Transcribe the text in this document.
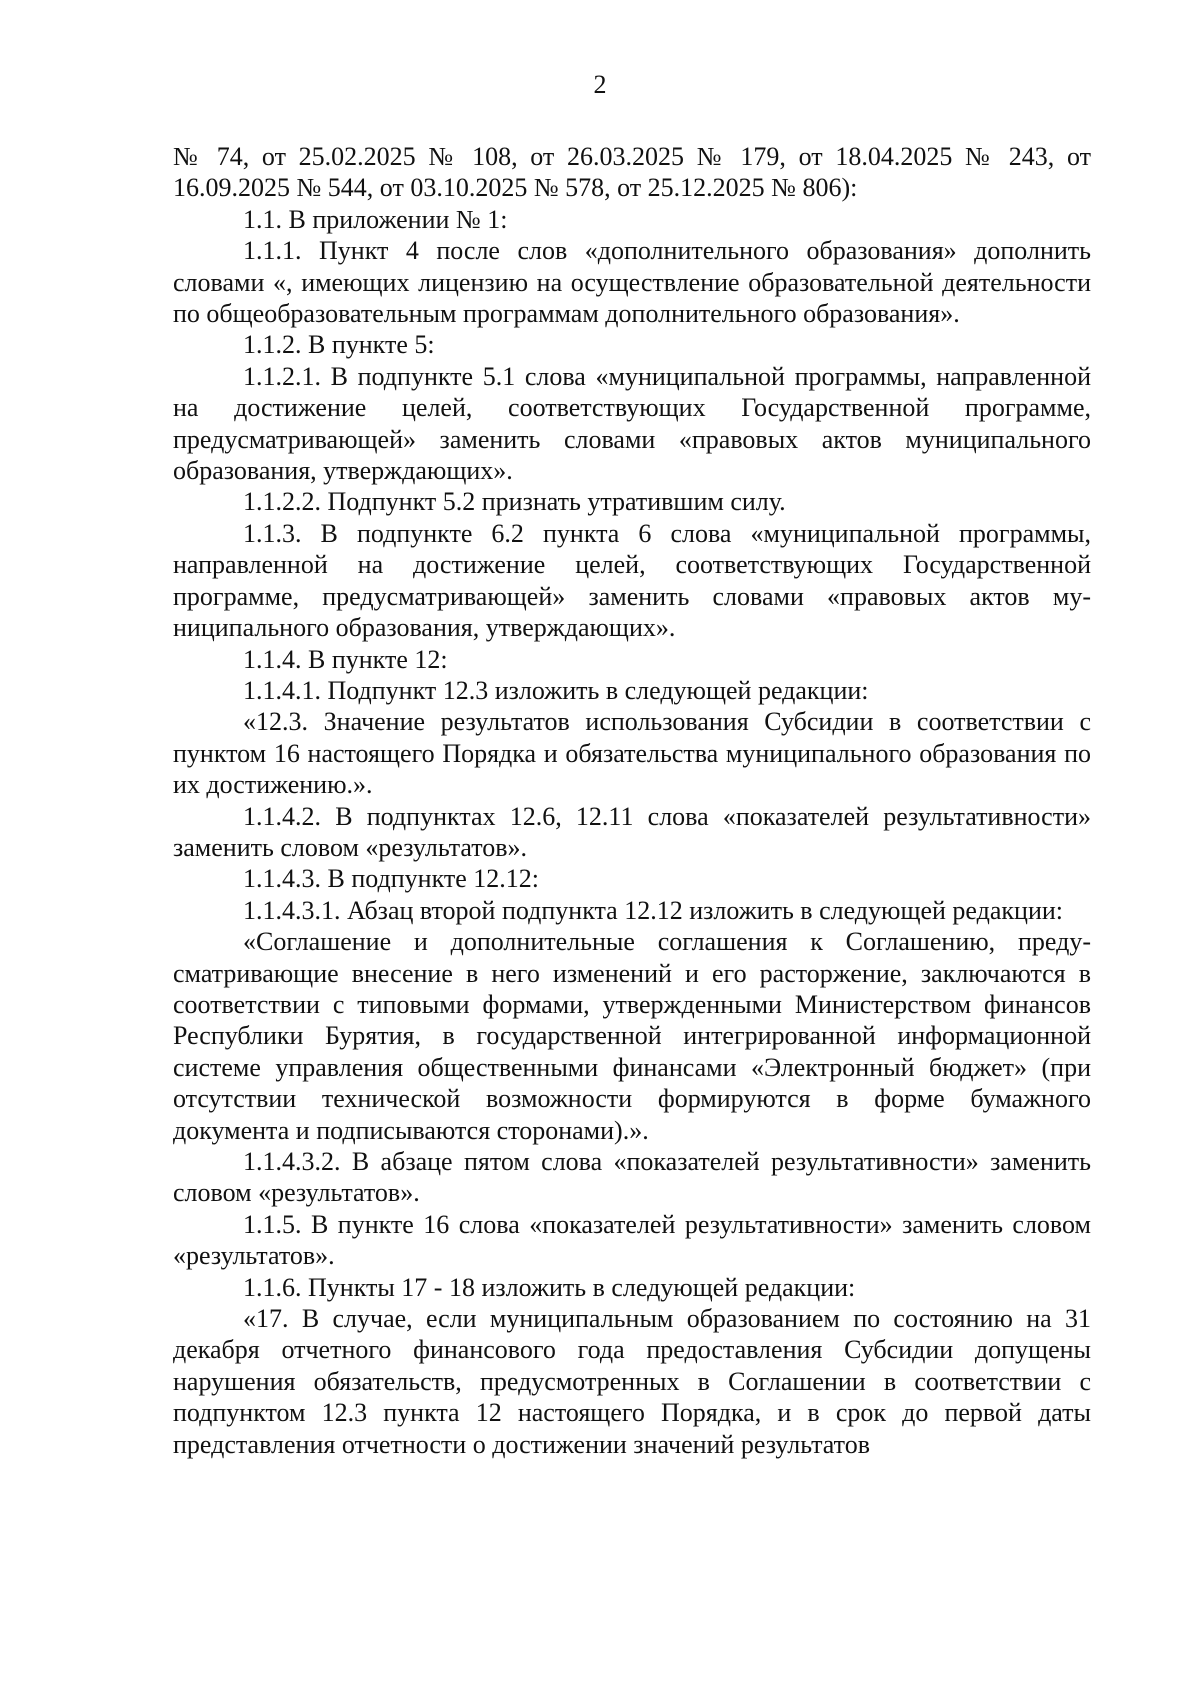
2

№ 74, от 25.02.2025 № 108, от 26.03.2025 № 179, от 18.04.2025 № 243, от 16.09.2025 № 544, от 03.10.2025 № 578, от 25.12.2025 № 806):

1.1. В приложении № 1:

1.1.1. Пункт 4 после слов «дополнительного образования» дополнить словами «, имеющих лицензию на осуществление образовательной деятельности по общеобразовательным программам дополнительного образования».

1.1.2. В пункте 5:

1.1.2.1. В подпункте 5.1 слова «муниципальной программы, направленной на достижение целей, соответствующих Государственной программе, предусматривающей» заменить словами «правовых актов муниципального образования, утверждающих».

1.1.2.2. Подпункт 5.2 признать утратившим силу.

1.1.3. В подпункте 6.2 пункта 6 слова «муниципальной программы, направленной на достижение целей, соответствующих Государственной программе, предусматривающей» заменить словами «правовых актов муниципального образования, утверждающих».

1.1.4. В пункте 12:

1.1.4.1. Подпункт 12.3 изложить в следующей редакции:

«12.3. Значение результатов использования Субсидии в соответствии с пунктом 16 настоящего Порядка и обязательства муниципального образования по их достижению.».

1.1.4.2. В подпунктах 12.6, 12.11 слова «показателей результативности» заменить словом «результатов».

1.1.4.3. В подпункте 12.12:

1.1.4.3.1. Абзац второй подпункта 12.12 изложить в следующей редакции:

«Соглашение и дополнительные соглашения к Соглашению, предусматривающие внесение в него изменений и его расторжение, заключаются в соответствии с типовыми формами, утвержденными Министерством финансов Республики Бурятия, в государственной интегрированной информационной системе управления общественными финансами «Электронный бюджет» (при отсутствии технической возможности формируются в форме бумажного документа и подписываются сторонами).».

1.1.4.3.2. В абзаце пятом слова «показателей результативности» заменить словом «результатов».

1.1.5. В пункте 16 слова «показателей результативности» заменить словом «результатов».

1.1.6. Пункты 17 - 18 изложить в следующей редакции:

«17. В случае, если муниципальным образованием по состоянию на 31 декабря отчетного финансового года предоставления Субсидии допущены нарушения обязательств, предусмотренных в Соглашении в соответствии с подпунктом 12.3 пункта 12 настоящего Порядка, и в срок до первой даты представления отчетности о достижении значений результатов
